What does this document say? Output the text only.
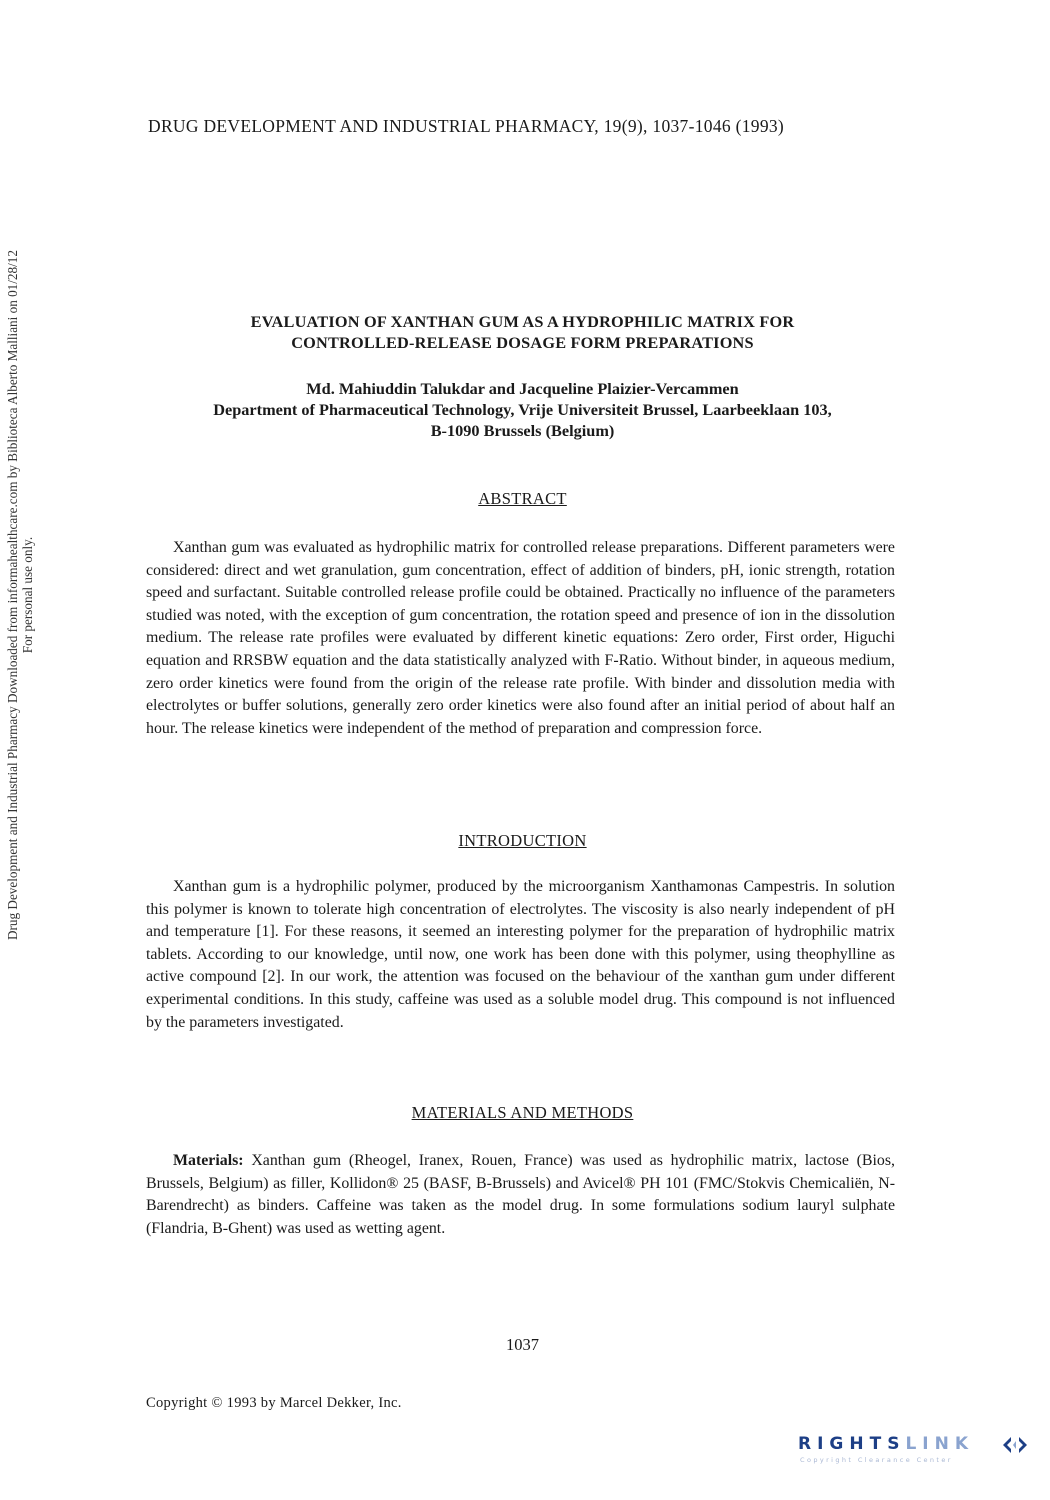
DRUG DEVELOPMENT AND INDUSTRIAL PHARMACY, 19(9), 1037-1046 (1993)
Drug Development and Industrial Pharmacy Downloaded from informahealthcare.com by Biblioteca Alberto Malliani on 01/28/12 For personal use only.
EVALUATION OF XANTHAN GUM AS A HYDROPHILIC MATRIX FOR
CONTROLLED-RELEASE DOSAGE FORM PREPARATIONS
Md. Mahiuddin Talukdar and Jacqueline Plaizier-Vercammen
Department of Pharmaceutical Technology, Vrije Universiteit Brussel, Laarbeeklaan 103,
B-1090 Brussels (Belgium)
ABSTRACT

Xanthan gum was evaluated as hydrophilic matrix for controlled release preparations. Different parameters were considered: direct and wet granulation, gum concentration, effect of addition of binders, pH, ionic strength, rotation speed and surfactant. Suitable controlled release profile could be obtained. Practically no influence of the parameters studied was noted, with the exception of gum concentration, the rotation speed and presence of ion in the dissolution medium. The release rate profiles were evaluated by different kinetic equations: Zero order, First order, Higuchi equation and RRSBW equation and the data statistically analyzed with F-Ratio. Without binder, in aqueous medium, zero order kinetics were found from the origin of the release rate profile. With binder and dissolution media with electrolytes or buffer solutions, generally zero order kinetics were also found after an initial period of about half an hour. The release kinetics were independent of the method of preparation and compression force.

INTRODUCTION

Xanthan gum is a hydrophilic polymer, produced by the microorganism Xanthamonas Campestris. In solution this polymer is known to tolerate high concentration of electrolytes. The viscosity is also nearly independent of pH and temperature [1]. For these reasons, it seemed an interesting polymer for the preparation of hydrophilic matrix tablets. According to our knowledge, until now, one work has been done with this polymer, using theophylline as active compound [2]. In our work, the attention was focused on the behaviour of the xanthan gum under different experimental conditions. In this study, caffeine was used as a soluble model drug. This compound is not influenced by the parameters investigated.

MATERIALS AND METHODS

Materials: Xanthan gum (Rheogel, Iranex, Rouen, France) was used as hydrophilic matrix, lactose (Bios, Brussels, Belgium) as filler, Kollidon® 25 (BASF, B-Brussels) and Avicel® PH 101 (FMC/Stokvis Chemicaliën, N-Barendrecht) as binders. Caffeine was taken as the model drug. In some formulations sodium lauryl sulphate (Flandria, B-Ghent) was used as wetting agent.

1037
Copyright © 1993 by Marcel Dekker, Inc.
RIGHTSLINK
Copyright Clearance Center
